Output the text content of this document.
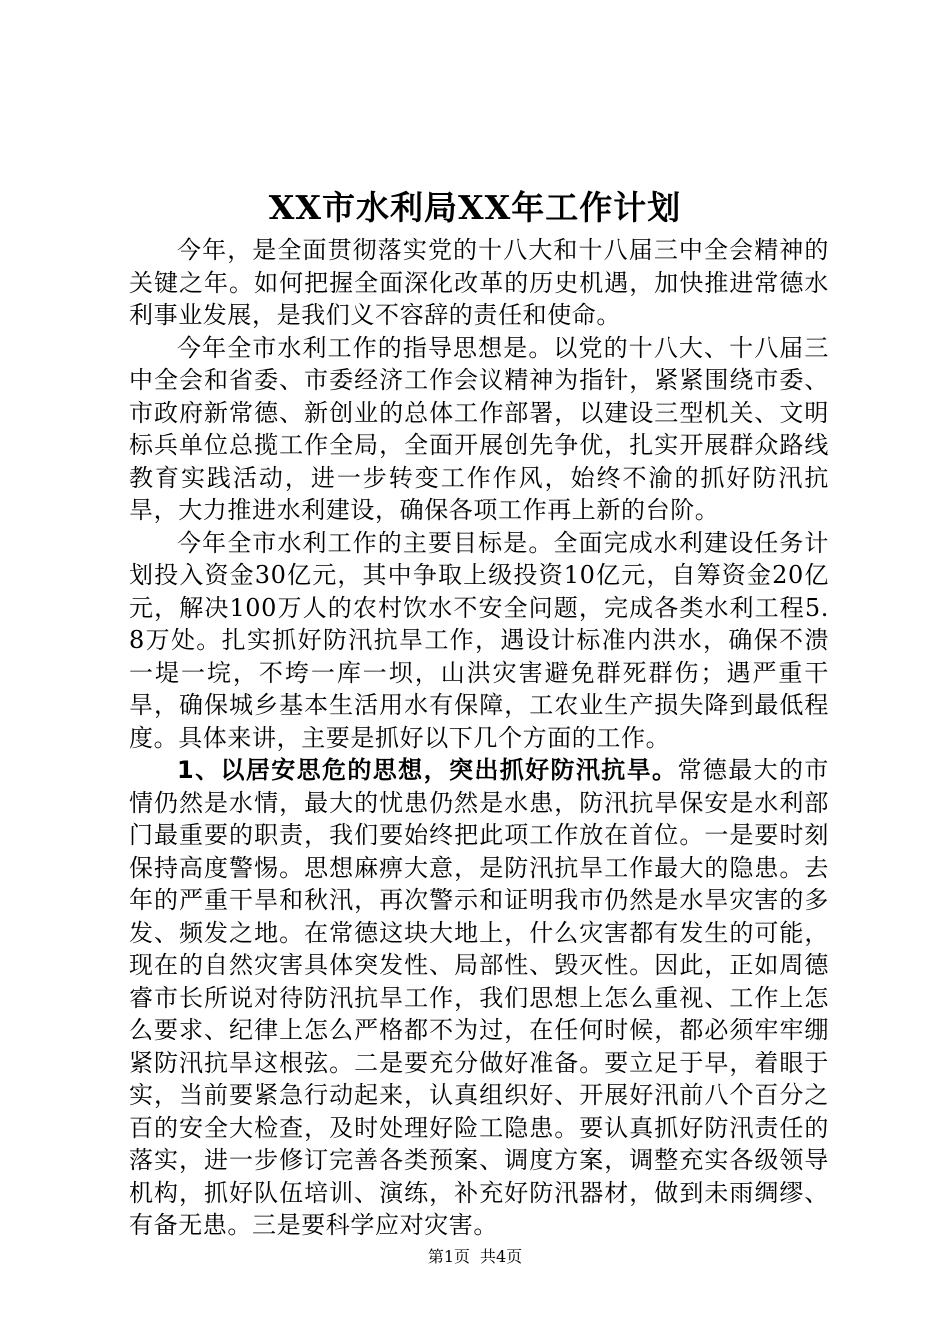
XX市水利局XX年工作计划

今年，是全面贯彻落实党的十八大和十八届三中全会精神的关键之年。如何把握全面深化改革的历史机遇，加快推进常德水利事业发展，是我们义不容辞的责任和使命。

今年全市水利工作的指导思想是。以党的十八大、十八届三中全会和省委、市委经济工作会议精神为指针，紧紧围绕市委、市政府新常德、新创业的总体工作部署，以建设三型机关、文明标兵单位总揽工作全局，全面开展创先争优，扎实开展群众路线教育实践活动，进一步转变工作作风，始终不渝的抓好防汛抗旱，大力推进水利建设，确保各项工作再上新的台阶。

今年全市水利工作的主要目标是。全面完成水利建设任务计划投入资金30亿元，其中争取上级投资10亿元，自筹资金20亿元，解决100万人的农村饮水不安全问题，完成各类水利工程5.8万处。扎实抓好防汛抗旱工作，遇设计标准内洪水，确保不溃一堤一垸，不垮一库一坝，山洪灾害避免群死群伤；遇严重干旱，确保城乡基本生活用水有保障，工农业生产损失降到最低程度。具体来讲，主要是抓好以下几个方面的工作。

1、以居安思危的思想，突出抓好防汛抗旱。常德最大的市情仍然是水情，最大的忧患仍然是水患，防汛抗旱保安是水利部门最重要的职责，我们要始终把此项工作放在首位。一是要时刻保持高度警惕。思想麻痹大意，是防汛抗旱工作最大的隐患。去年的严重干旱和秋汛，再次警示和证明我市仍然是水旱灾害的多发、频发之地。在常德这块大地上，什么灾害都有发生的可能，现在的自然灾害具体突发性、局部性、毁灭性。因此，正如周德睿市长所说对待防汛抗旱工作，我们思想上怎么重视、工作上怎么要求、纪律上怎么严格都不为过，在任何时候，都必须牢牢绷紧防汛抗旱这根弦。二是要充分做好准备。要立足于早，着眼于实，当前要紧急行动起来，认真组织好、开展好汛前八个百分之百的安全大检查，及时处理好险工隐患。要认真抓好防汛责任的落实，进一步修订完善各类预案、调度方案，调整充实各级领导机构，抓好队伍培训、演练，补充好防汛器材，做到未雨绸缪、有备无患。三是要科学应对灾害。

第1页 共4页
